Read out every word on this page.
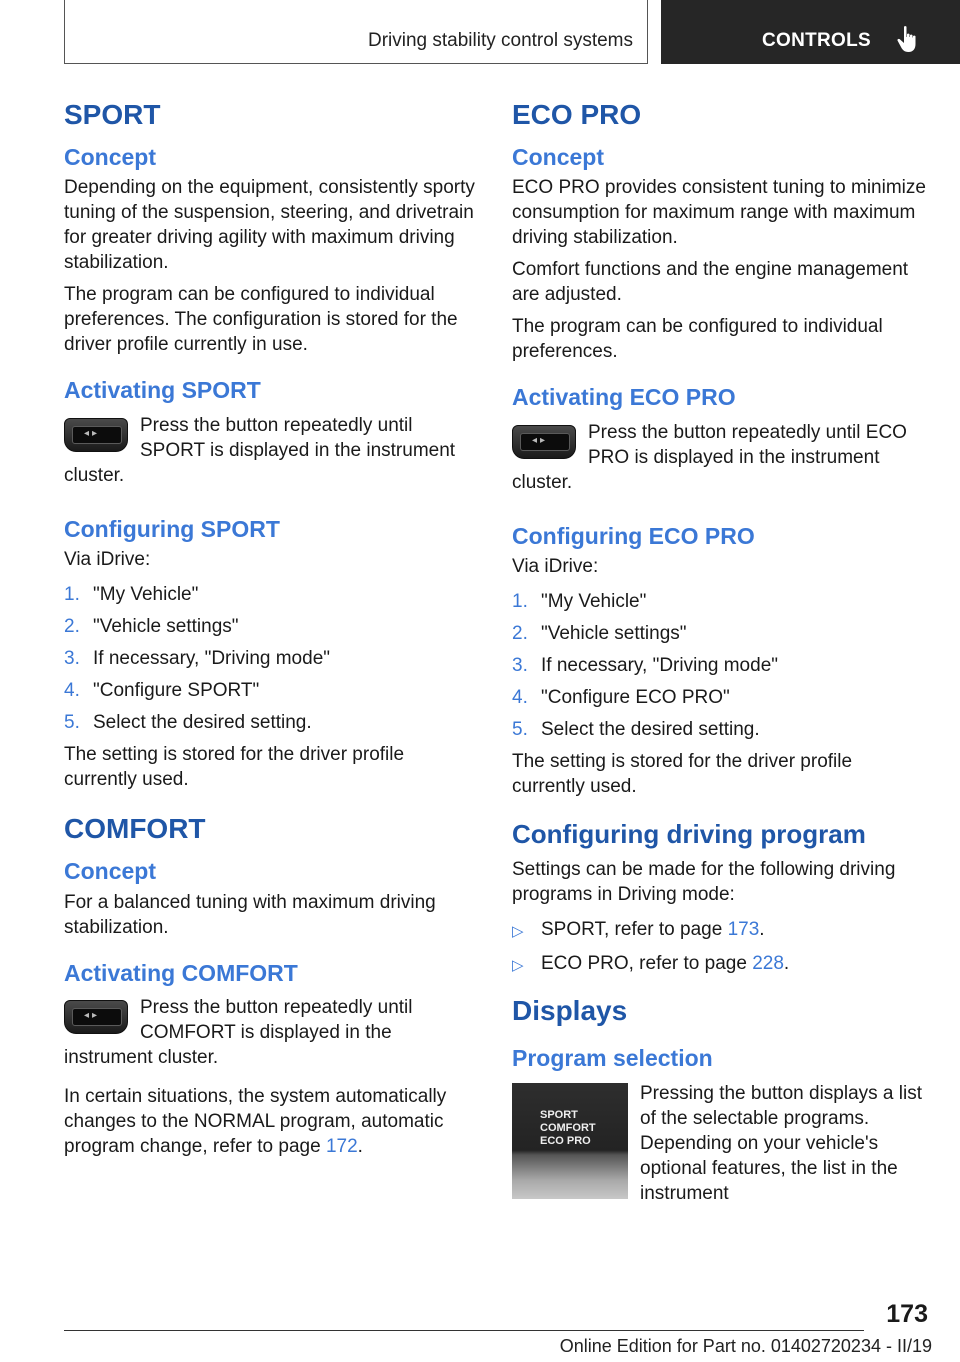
Driving stability control systems	CONTROLS
SPORT
Concept

Depending on the equipment, consistently sporty tuning of the suspension, steering, and drivetrain for greater driving agility with maximum driving stabilization.

The program can be configured to individual preferences. The configuration is stored for the driver profile currently in use.

Activating SPORT
◂▸
Press the button repeatedly until SPORT is displayed in the instrument cluster.
Configuring SPORT

Via iDrive:

1. "My Vehicle"
2. "Vehicle settings"
3. If necessary, "Driving mode"
4. "Configure SPORT"
5. Select the desired setting.

The setting is stored for the driver profile currently used.

COMFORT
Concept

For a balanced tuning with maximum driving stabilization.

Activating COMFORT
◂▸
Press the button repeatedly until COMFORT is displayed in the instrument cluster.

In certain situations, the system automatically changes to the NORMAL program, automatic program change, refer to page 172.

ECO PRO
Concept

ECO PRO provides consistent tuning to minimize consumption for maximum range with maximum driving stabilization.

Comfort functions and the engine management are adjusted.

The program can be configured to individual preferences.

Activating ECO PRO
◂▸
Press the button repeatedly until ECO PRO is displayed in the instrument cluster.
Configuring ECO PRO

Via iDrive:

1. "My Vehicle"
2. "Vehicle settings"
3. If necessary, "Driving mode"
4. "Configure ECO PRO"
5. Select the desired setting.

The setting is stored for the driver profile currently used.

Configuring driving program

Settings can be made for the following driving programs in Driving mode:

▷ SPORT, refer to page 173.
▷ ECO PRO, refer to page 228.
Displays
Program selection
SPORT
COMFORT
ECO PRO
Pressing the button displays a list of the selectable programs. Depending on your vehicle's optional features, the list in the instrument
173
Online Edition for Part no. 01402720234 - II/19
